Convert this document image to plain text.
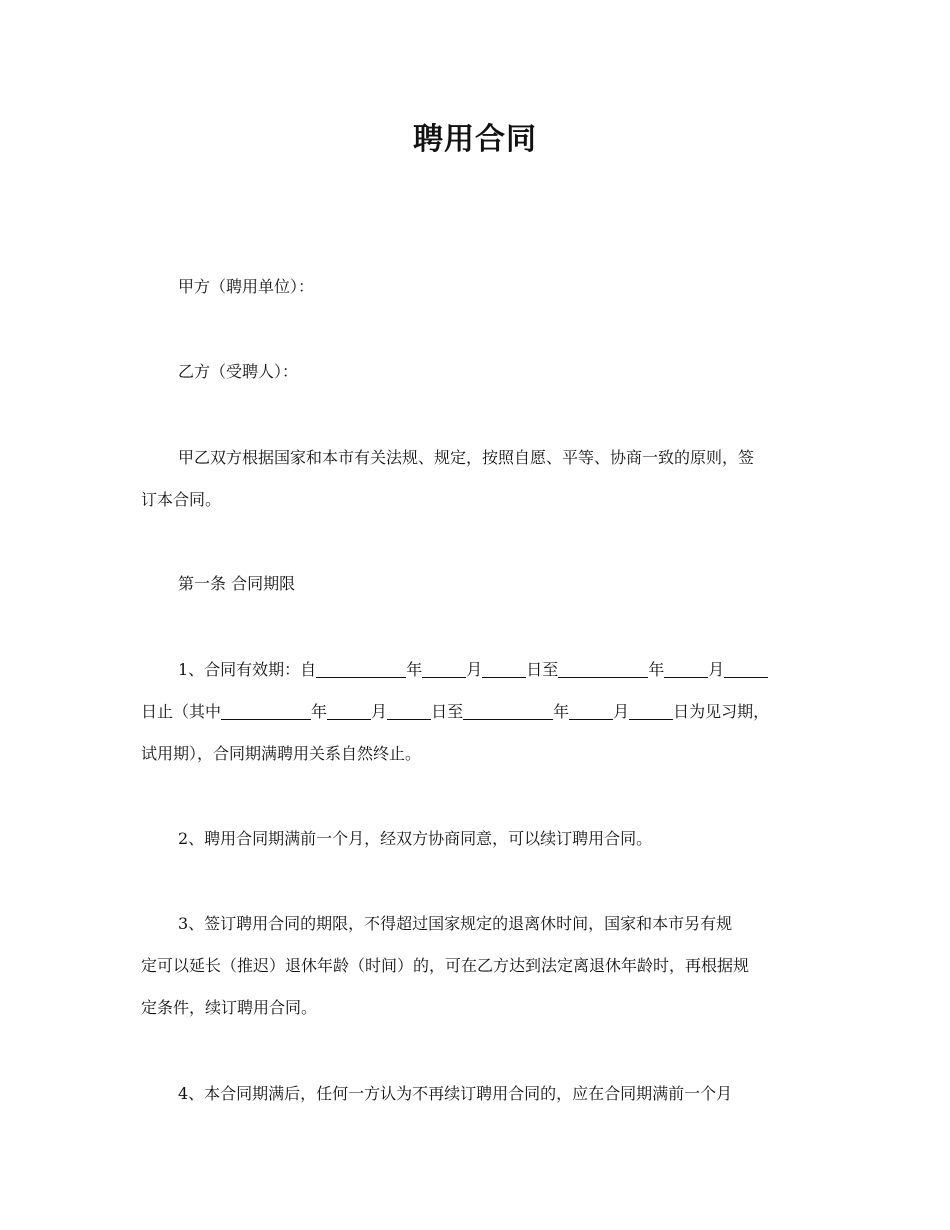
聘用合同

甲方（聘用单位）：

乙方（受聘人）：

甲乙双方根据国家和本市有关法规、规定，按照自愿、平等、协商一致的原则，签

订本合同。

第一条 合同期限

1、合同有效期：自	年	月	日至	年	月

日止（其中	年	月	日至	年	月	日为见习期，

试用期），合同期满聘用关系自然终止。

2、聘用合同期满前一个月，经双方协商同意，可以续订聘用合同。

3、签订聘用合同的期限，不得超过国家规定的退离休时间，国家和本市另有规

定可以延长（推迟）退休年龄（时间）的，可在乙方达到法定离退休年龄时，再根据规

定条件，续订聘用合同。

4、本合同期满后，任何一方认为不再续订聘用合同的，应在合同期满前一个月
